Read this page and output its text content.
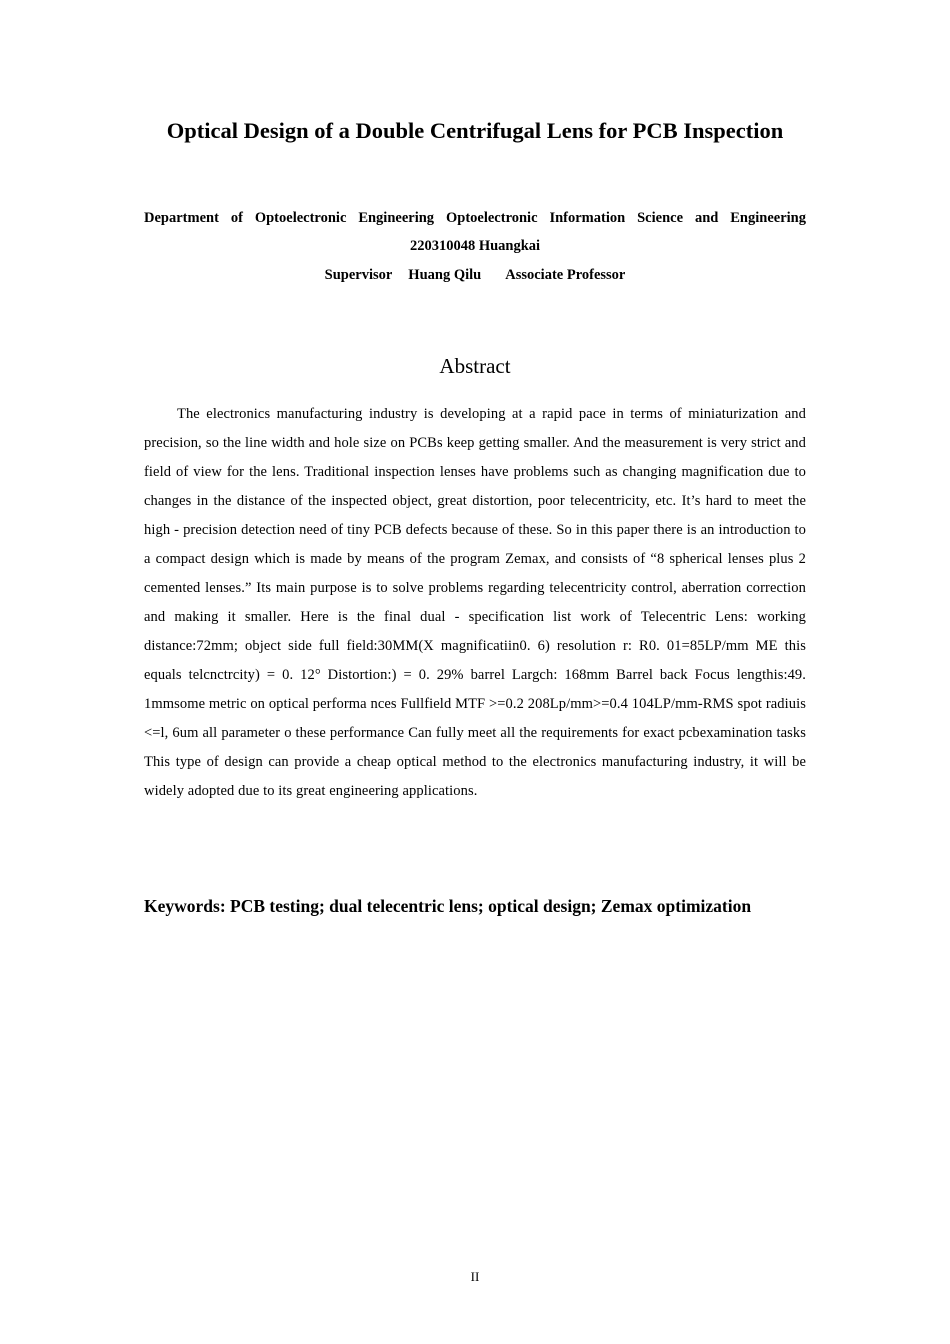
Optical Design of a Double Centrifugal Lens for PCB Inspection
Department of Optoelectronic Engineering Optoelectronic Information Science and Engineering
220310048 Huangkai
Supervisor Huang Qilu Associate Professor
Abstract

The electronics manufacturing industry is developing at a rapid pace in terms of miniaturization and precision, so the line width and hole size on PCBs keep getting smaller. And the measurement is very strict and field of view for the lens. Traditional inspection lenses have problems such as changing magnification due to changes in the distance of the inspected object, great distortion, poor telecentricity, etc. It’s hard to meet the high - precision detection need of tiny PCB defects because of these. So in this paper there is an introduction to a compact design which is made by means of the program Zemax, and consists of “8 spherical lenses plus 2 cemented lenses.” Its main purpose is to solve problems regarding telecentricity control, aberration correction and making it smaller. Here is the final dual - specification list work of Telecentric Lens: working distance:72mm; object side full field:30MM(X magnificatiin0. 6) resolution r: R0. 01=85LP/mm ME this equals telcnctrcity) = 0. 12° Distortion:) = 0. 29% barrel Largch: 168mm Barrel back Focus lengthis:49. 1mmsome metric on optical performa nces Fullfield MTF >=0.2 208Lp/mm>=0.4 104LP/mm-RMS spot radiuis <=l, 6um all parameter o these performance Can fully meet all the requirements for exact pcbexamination tasks This type of design can provide a cheap optical method to the electronics manufacturing industry, it will be widely adopted due to its great engineering applications.

Keywords: PCB testing; dual telecentric lens; optical design; Zemax optimization

II
